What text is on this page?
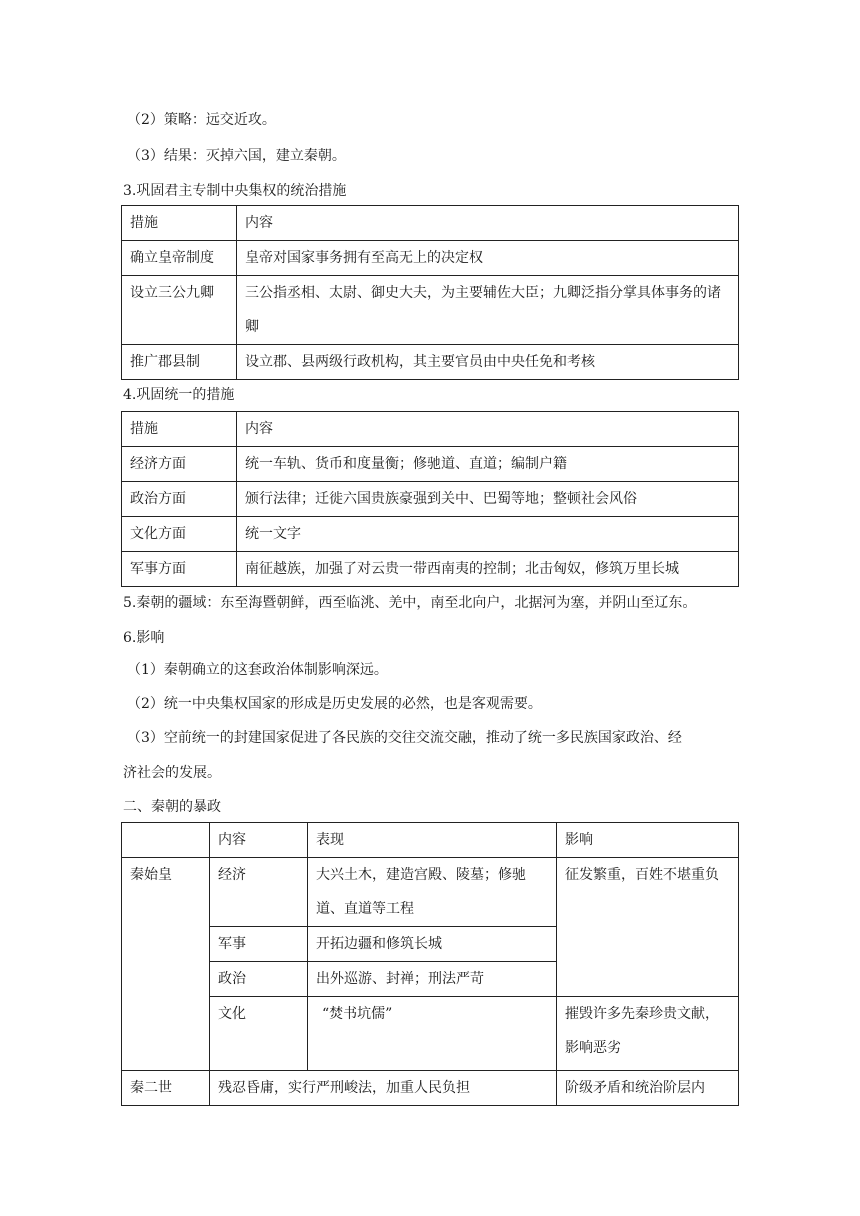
（2）策略：远交近攻。
（3）结果：灭掉六国，建立秦朝。
3.巩固君主专制中央集权的统治措施
措施	内容
确立皇帝制度	皇帝对国家事务拥有至高无上的决定权
设立三公九卿	三公指丞相、太尉、御史大夫，为主要辅佐大臣；九卿泛指分掌具体事务的诸卿
推广郡县制	设立郡、县两级行政机构，其主要官员由中央任免和考核
4.巩固统一的措施
措施	内容
经济方面	统一车轨、货币和度量衡；修驰道、直道；编制户籍
政治方面	颁行法律；迁徙六国贵族豪强到关中、巴蜀等地；整顿社会风俗
文化方面	统一文字
军事方面	南征越族，加强了对云贵一带西南夷的控制；北击匈奴，修筑万里长城
5.秦朝的疆域：东至海暨朝鲜，西至临洮、羌中，南至北向户，北据河为塞，并阴山至辽东。
6.影响
（1）秦朝确立的这套政治体制影响深远。
（2）统一中央集权国家的形成是历史发展的必然，也是客观需要。
（3）空前统一的封建国家促进了各民族的交往交流交融，推动了统一多民族国家政治、经
济社会的发展。
二、秦朝的暴政
	内容	表现	影响
秦始皇	经济	大兴土木，建造宫殿、陵墓；修驰道、直道等工程	征发繁重，百姓不堪重负
	军事	开拓边疆和修筑长城	
	政治	出外巡游、封禅；刑法严苛	
	文化	“焚书坑儒”	摧毁许多先秦珍贵文献，影响恶劣
秦二世	残忍昏庸，实行严刑峻法，加重人民负担		阶级矛盾和统治阶层内
